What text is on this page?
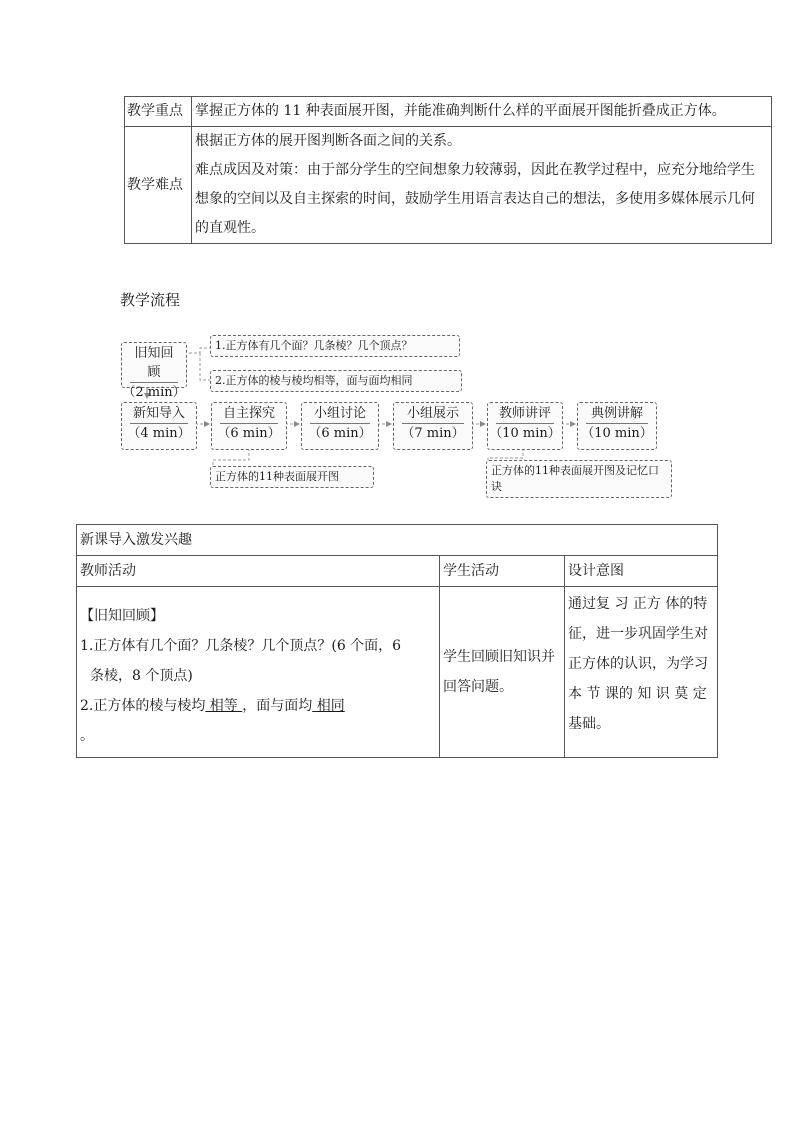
教学重点	掌握正方体的 11 种表面展开图，并能准确判断什么样的平面展开图能折叠成正方体。
教学难点	根据正方体的展开图判断各面之间的关系。
难点成因及对策：由于部分学生的空间想象力较薄弱，因此在教学过程中，应充分地给学生想象的空间以及自主探索的时间，鼓励学生用语言表达自己的想法，多使用多媒体展示几何的直观性。
教学流程
旧知回顾
（2 min）
1.正方体有几个面？几条棱？几个顶点？
2.正方体的棱与棱均相等，面与面均相同
新知导入
（4 min）
自主探究
（6 min）
小组讨论
（6 min）
小组展示
（7 min）
教师讲评
（10 min）
典例讲解
（10 min）
正方体的11种表面展开图	正方体的11种表面展开图及记忆口诀
新课导入激发兴趣		
教师活动	学生活动	设计意图

【旧知回顾】
1.正方体有几个面？几条棱？几个顶点？(6 个面，6
条棱，8 个顶点)
2.正方体的棱与棱均 相等 ，面与面均 相同
。	学生回顾旧知识并回答问题。	通过复 习 正方 体的特征，进一步巩固学生对正方体的认识，为学习本 节 课的 知 识 莫 定基础。
